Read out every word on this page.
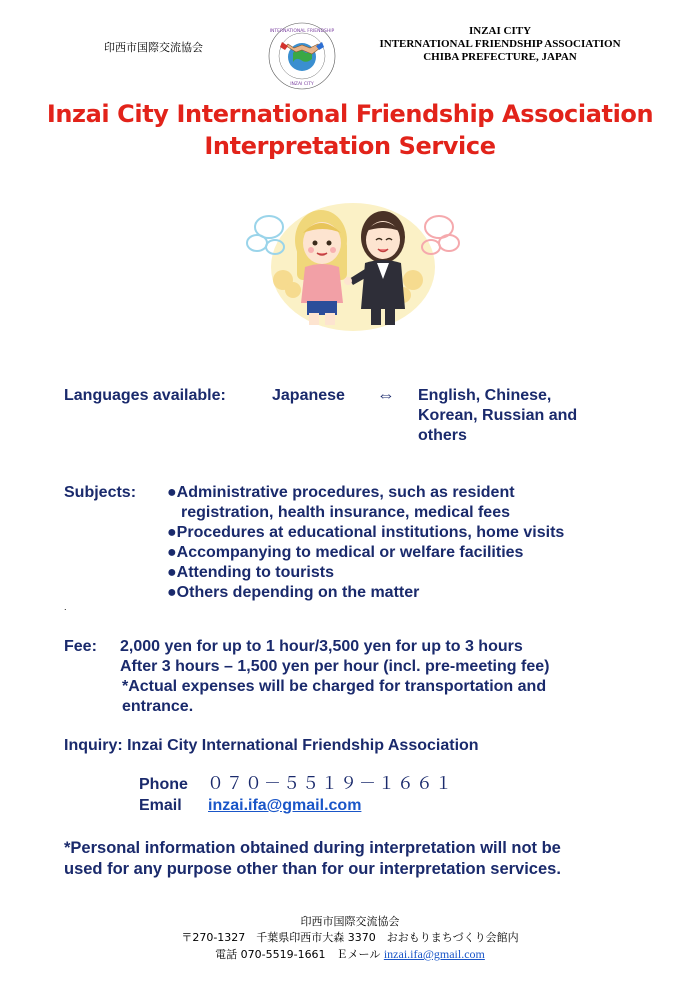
印西市国際交流協会
INTERNATIONAL FRIENDSHIP
INZAI CITY
INZAI CITY
INTERNATIONAL FRIENDSHIP ASSOCIATION
CHIBA PREFECTURE, JAPAN
Inzai City International Friendship Association
Interpretation Service
Languages available:	Japanese ⇔ English, Chinese,
Korean, Russian and
others
Subjects: ●Administrative procedures, such as resident
registration, health insurance, medical fees
●Procedures at educational institutions, home visits
●Accompanying to medical or welfare facilities
●Attending to tourists
●Others depending on the matter
.
Fee: 2,000 yen for up to 1 hour/3,500 yen for up to 3 hours
After 3 hours – 1,500 yen per hour (incl. pre-meeting fee)
*Actual expenses will be charged for transportation and
entrance.
Inquiry: Inzai City International Friendship Association
Phone ０７０－５５１９－１６６１
Email inzai.ifa@gmail.com
*Personal information obtained during interpretation will not be
used for any purpose other than for our interpretation services.
印西市国際交流協会
〒270-1327　千葉県印西市大森 3370　おおもりまちづくり会館内
電話 070-5519-1661　Ｅメール inzai.ifa@gmail.com
